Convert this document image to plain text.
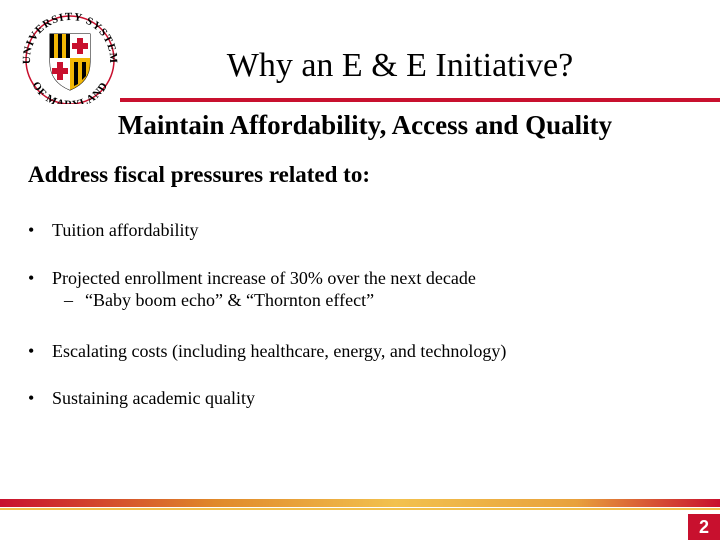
UNIVERSITY SYSTEM
OF MA LAND
Why an E & E Initiative?
Maintain Affordability, Access and Quality
Address fiscal pressures related to:
• Tuition affordability
• Projected enrollment increase of 30% over the next decade
– “Baby boom echo” & “Thornton effect”
• Escalating costs (including healthcare, energy, and technology)
• Sustaining academic quality
2
